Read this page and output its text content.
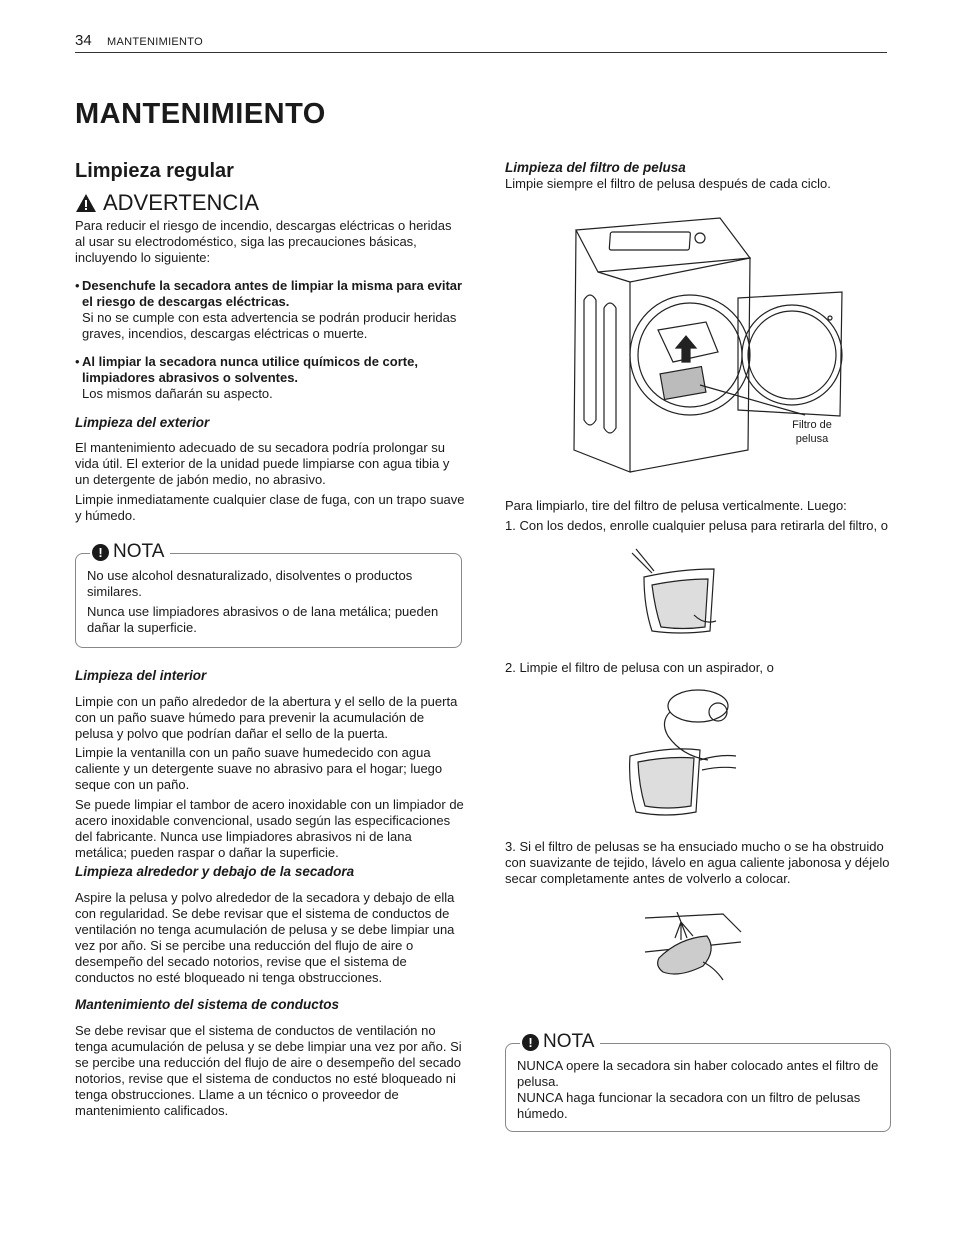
34 MANTENIMIENTO
MANTENIMIENTO
Limpieza regular
ADVERTENCIA
Para reducir el riesgo de incendio, descargas eléctricas o heridas al usar su electrodoméstico, siga las precauciones básicas, incluyendo lo siguiente:
• Desenchufe la secadora antes de limpiar la misma para evitar el riesgo de descargas eléctricas.
Si no se cumple con esta advertencia se podrán producir heridas graves, incendios, descargas eléctricas o muerte.
• Al limpiar la secadora nunca utilice químicos de corte, limpiadores abrasivos o solventes.
Los mismos dañarán su aspecto.
Limpieza del exterior
El mantenimiento adecuado de su secadora podría prolongar su vida útil. El exterior de la unidad puede limpiarse con agua tibia y un detergente de jabón medio, no abrasivo.
Limpie inmediatamente cualquier clase de fuga, con un trapo suave y húmedo.
! NOTA
No use alcohol desnaturalizado, disolventes o productos similares.
Nunca use limpiadores abrasivos o de lana metálica; pueden dañar la superficie.
Limpieza del interior
Limpie con un paño alrededor de la abertura y el sello de la puerta con un paño suave húmedo para prevenir la acumulación de pelusa y polvo que podrían dañar el sello de la puerta.
Limpie la ventanilla con un paño suave humedecido con agua caliente y un detergente suave no abrasivo para el hogar; luego seque con un paño.
Se puede limpiar el tambor de acero inoxidable con un limpiador de acero inoxidable convencional, usado según las especificaciones del fabricante. Nunca use limpiadores abrasivos ni de lana metálica; pueden raspar o dañar la superficie.
Limpieza alrededor y debajo de la secadora
Aspire la pelusa y polvo alrededor de la secadora y debajo de ella con regularidad. Se debe revisar que el sistema de conductos de ventilación no tenga acumulación de pelusa y se debe limpiar una vez por año. Si se percibe una reducción del flujo de aire o desempeño del secado notorios, revise que el sistema de conductos no esté bloqueado ni tenga obstrucciones.
Mantenimiento del sistema de conductos
Se debe revisar que el sistema de conductos de ventilación no tenga acumulación de pelusa y se debe limpiar una vez por año. Si se percibe una reducción del flujo de aire o desempeño del secado notorios, revise que el sistema de conductos no esté bloqueado ni tenga obstrucciones. Llame a un técnico o proveedor de mantenimiento calificados.
Limpieza del filtro de pelusa
Limpie siempre el filtro de pelusa después de cada ciclo.
Filtro de pelusa
Para limpiarlo, tire del filtro de pelusa verticalmente. Luego:
1. Con los dedos, enrolle cualquier pelusa para retirarla del filtro, o
2. Limpie el filtro de pelusa con un aspirador, o
3. Si el filtro de pelusas se ha ensuciado mucho o se ha obstruido con suavizante de tejido, lávelo en agua caliente jabonosa y déjelo secar completamente antes de volverlo a colocar.
! NOTA
NUNCA opere la secadora sin haber colocado antes el filtro de pelusa.
NUNCA haga funcionar la secadora con un filtro de pelusas húmedo.
